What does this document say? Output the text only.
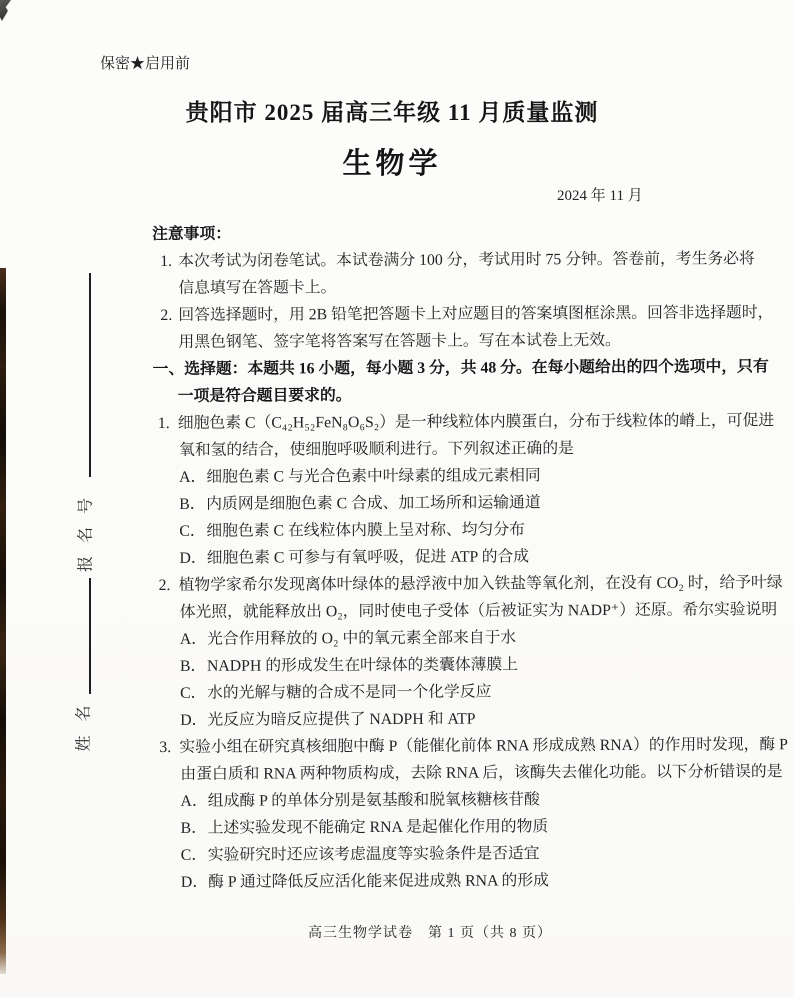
报名号
姓名
保密★启用前
贵阳市 2025 届高三年级 11 月质量监测
生物学
2024 年 11 月
注意事项：
1. 本次考试为闭卷笔试。本试卷满分 100 分，考试用时 75 分钟。答卷前，考生务必将
信息填写在答题卡上。
2. 回答选择题时，用 2B 铅笔把答题卡上对应题目的答案填图框涂黑。回答非选择题时，
用黑色钢笔、签字笔将答案写在答题卡上。写在本试卷上无效。
一、选择题：本题共 16 小题，每小题 3 分，共 48 分。在每小题给出的四个选项中，只有
一项是符合题目要求的。
1. 细胞色素 C（C₄₂H₅₂FeN₈O₆S₂）是一种线粒体内膜蛋白，分布于线粒体的嵴上，可促进
氧和氢的结合，使细胞呼吸顺利进行。下列叙述正确的是
A．细胞色素 C 与光合色素中叶绿素的组成元素相同
B．内质网是细胞色素 C 合成、加工场所和运输通道
C．细胞色素 C 在线粒体内膜上呈对称、均匀分布
D．细胞色素 C 可参与有氧呼吸，促进 ATP 的合成
2. 植物学家希尔发现离体叶绿体的悬浮液中加入铁盐等氧化剂，在没有 CO₂ 时，给予叶绿
体光照，就能释放出 O₂，同时使电子受体（后被证实为 NADP⁺）还原。希尔实验说明
A．光合作用释放的 O₂ 中的氧元素全部来自于水
B．NADPH 的形成发生在叶绿体的类囊体薄膜上
C．水的光解与糖的合成不是同一个化学反应
D．光反应为暗反应提供了 NADPH 和 ATP
3. 实验小组在研究真核细胞中酶 P（能催化前体 RNA 形成成熟 RNA）的作用时发现，酶 P
由蛋白质和 RNA 两种物质构成，去除 RNA 后，该酶失去催化功能。以下分析错误的是
A．组成酶 P 的单体分别是氨基酸和脱氧核糖核苷酸
B．上述实验发现不能确定 RNA 是起催化作用的物质
C．实验研究时还应该考虑温度等实验条件是否适宜
D．酶 P 通过降低反应活化能来促进成熟 RNA 的形成
高三生物学试卷　第 1 页（共 8 页）
